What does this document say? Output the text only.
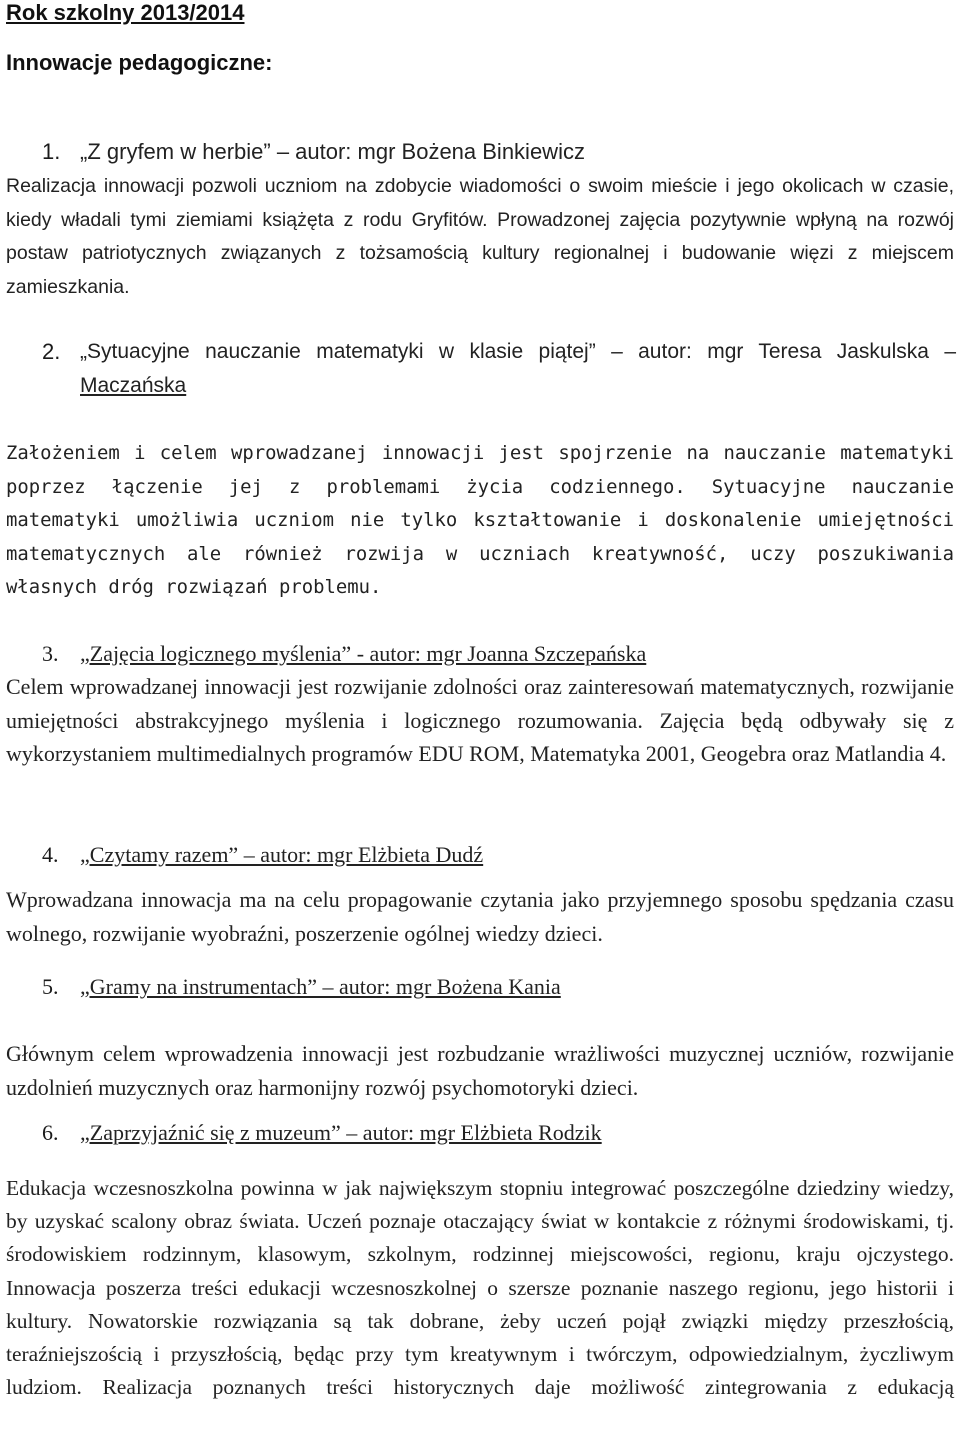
Rok szkolny 2013/2014
Innowacje pedagogiczne:
1. „Z gryfem w herbie” – autor: mgr Bożena Binkiewicz
Realizacja innowacji pozwoli uczniom na zdobycie wiadomości o swoim mieście i jego okolicach w czasie, kiedy władali tymi ziemiami książęta z rodu Gryfitów. Prowadzonej zajęcia pozytywnie wpłyną na rozwój postaw patriotycznych związanych z tożsamością kultury regionalnej i budowanie więzi z miejscem zamieszkania.
2. „Sytuacyjne nauczanie matematyki w klasie piątej” – autor: mgr Teresa Jaskulska –
Maczańska
Założeniem i celem wprowadzanej innowacji jest spojrzenie na nauczanie matematyki poprzez łączenie jej z problemami życia codziennego. Sytuacyjne nauczanie matematyki umożliwia uczniom nie tylko kształtowanie i doskonalenie umiejętności matematycznych ale również rozwija w uczniach kreatywność, uczy poszukiwania własnych dróg rozwiązań problemu.
3. „Zajęcia logicznego myślenia” - autor: mgr Joanna Szczepańska
Celem wprowadzanej innowacji jest rozwijanie zdolności oraz zainteresowań matematycznych, rozwijanie umiejętności abstrakcyjnego myślenia i logicznego rozumowania. Zajęcia będą odbywały się z wykorzystaniem multimedialnych programów EDU ROM, Matematyka 2001, Geogebra oraz Matlandia 4.
4. „Czytamy razem” – autor: mgr Elżbieta Dudź
Wprowadzana innowacja ma na celu propagowanie czytania jako przyjemnego sposobu spędzania czasu wolnego, rozwijanie wyobraźni, poszerzenie ogólnej wiedzy dzieci.
5. „Gramy na instrumentach” – autor: mgr Bożena Kania
Głównym celem wprowadzenia innowacji jest rozbudzanie wrażliwości muzycznej uczniów, rozwijanie uzdolnień muzycznych oraz harmonijny rozwój psychomotoryki dzieci.
6. „Zaprzyjaźnić się z muzeum” – autor: mgr Elżbieta Rodzik
Edukacja wczesnoszkolna powinna w jak największym stopniu integrować poszczególne dziedziny wiedzy, by uzyskać scalony obraz świata. Uczeń poznaje otaczający świat w kontakcie z różnymi środowiskami, tj. środowiskiem rodzinnym, klasowym, szkolnym, rodzinnej miejscowości, regionu, kraju ojczystego. Innowacja poszerza treści edukacji wczesnoszkolnej o szersze poznanie naszego regionu, jego historii i kultury. Nowatorskie rozwiązania są tak dobrane, żeby uczeń pojął związki między przeszłością, teraźniejszością i przyszłością, będąc przy tym kreatywnym i twórczym, odpowiedzialnym, życzliwym ludziom. Realizacja poznanych treści historycznych daje możliwość zintegrowania z edukacją
